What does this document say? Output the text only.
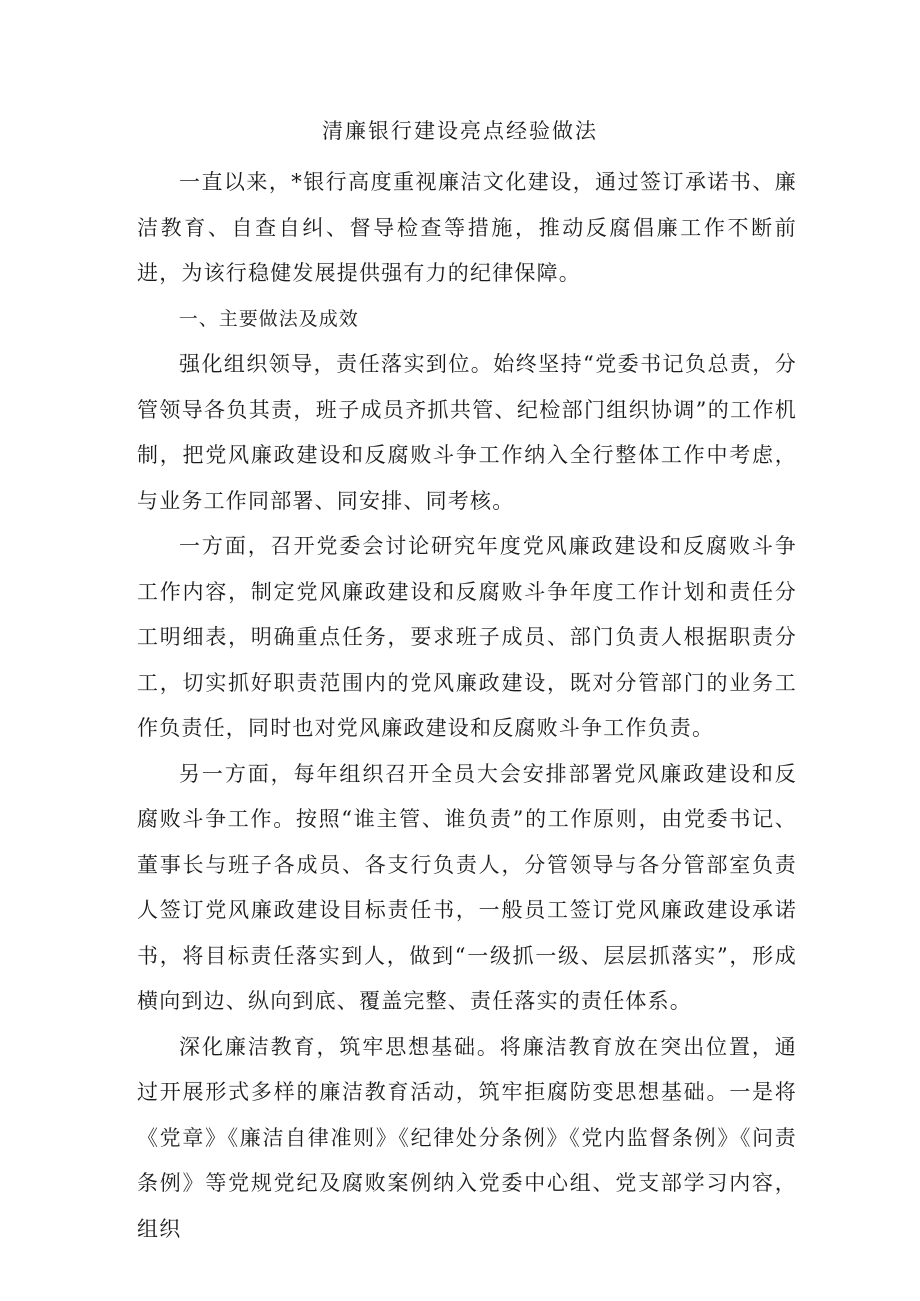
清廉银行建设亮点经验做法

一直以来，*银行高度重视廉洁文化建设，通过签订承诺书、廉洁教育、自查自纠、督导检查等措施，推动反腐倡廉工作不断前进，为该行稳健发展提供强有力的纪律保障。

一、主要做法及成效

强化组织领导，责任落实到位。始终坚持“党委书记负总责，分管领导各负其责，班子成员齐抓共管、纪检部门组织协调”的工作机制，把党风廉政建设和反腐败斗争工作纳入全行整体工作中考虑，与业务工作同部署、同安排、同考核。

一方面，召开党委会讨论研究年度党风廉政建设和反腐败斗争工作内容，制定党风廉政建设和反腐败斗争年度工作计划和责任分工明细表，明确重点任务，要求班子成员、部门负责人根据职责分工，切实抓好职责范围内的党风廉政建设，既对分管部门的业务工作负责任，同时也对党风廉政建设和反腐败斗争工作负责。

另一方面，每年组织召开全员大会安排部署党风廉政建设和反腐败斗争工作。按照“谁主管、谁负责”的工作原则，由党委书记、董事长与班子各成员、各支行负责人，分管领导与各分管部室负责人签订党风廉政建设目标责任书，一般员工签订党风廉政建设承诺书，将目标责任落实到人，做到“一级抓一级、层层抓落实”，形成横向到边、纵向到底、覆盖完整、责任落实的责任体系。

深化廉洁教育，筑牢思想基础。将廉洁教育放在突出位置，通过开展形式多样的廉洁教育活动，筑牢拒腐防变思想基础。一是将《党章》《廉洁自律准则》《纪律处分条例》《党内监督条例》《问责条例》等党规党纪及腐败案例纳入党委中心组、党支部学习内容，组织
